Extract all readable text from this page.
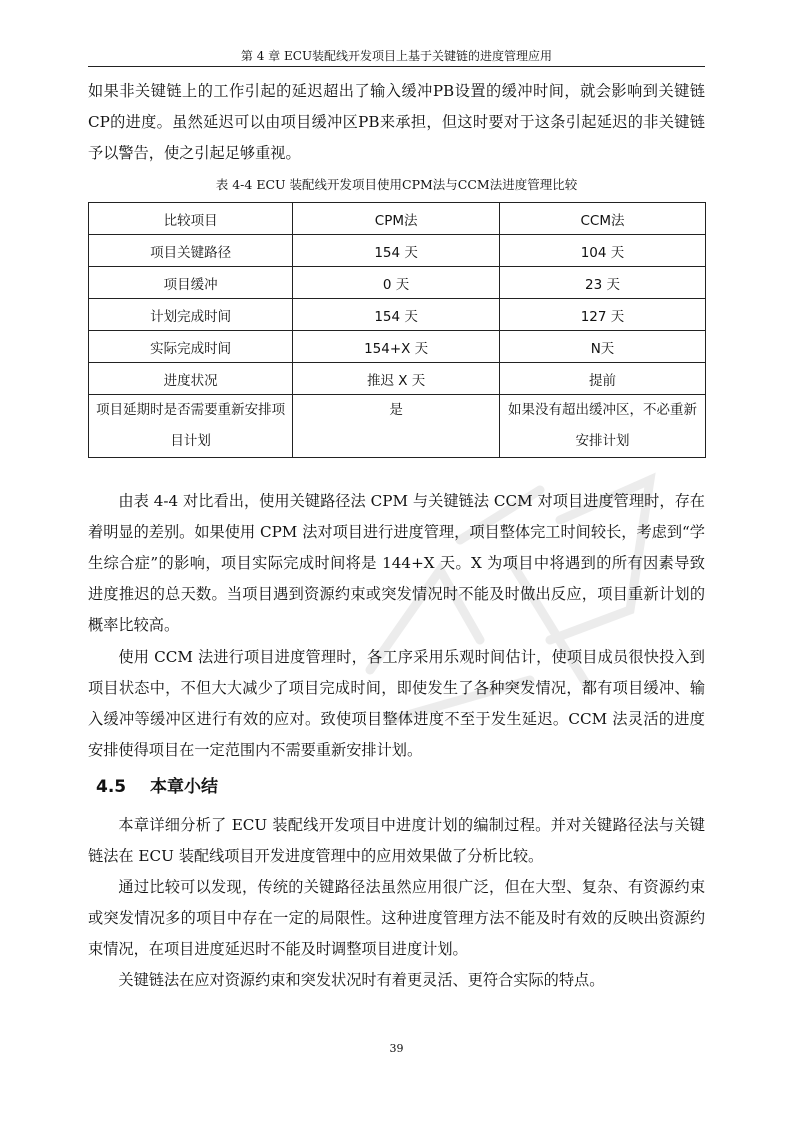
第 4 章 ECU装配线开发项目上基于关键链的进度管理应用

如果非关键链上的工作引起的延迟超出了输入缓冲PB设置的缓冲时间，就会影响到关键链CP的进度。虽然延迟可以由项目缓冲区PB来承担，但这时要对于这条引起延迟的非关键链予以警告，使之引起足够重视。

表 4-4 ECU 装配线开发项目使用CPM法与CCM法进度管理比较
比较项目	CPM法	CCM法
项目关键路径	154 天	104 天
项目缓冲	0 天	23 天
计划完成时间	154 天	127 天
实际完成时间	154+X 天	N天
进度状况	推迟 X 天	提前
项目延期时是否需要重新安排项目计划	是	如果没有超出缓冲区，不必重新安排计划

由表 4-4 对比看出，使用关键路径法 CPM 与关键链法 CCM 对项目进度管理时，存在着明显的差别。如果使用 CPM 法对项目进行进度管理，项目整体完工时间较长，考虑到“学生综合症”的影响，项目实际完成时间将是 144+X 天。X 为项目中将遇到的所有因素导致进度推迟的总天数。当项目遇到资源约束或突发情况时不能及时做出反应，项目重新计划的概率比较高。

使用 CCM 法进行项目进度管理时，各工序采用乐观时间估计，使项目成员很快投入到项目状态中，不但大大减少了项目完成时间，即使发生了各种突发情况，都有项目缓冲、输入缓冲等缓冲区进行有效的应对。致使项目整体进度不至于发生延迟。CCM 法灵活的进度安排使得项目在一定范围内不需要重新安排计划。

4.5 本章小结

本章详细分析了 ECU 装配线开发项目中进度计划的编制过程。并对关键路径法与关键链法在 ECU 装配线项目开发进度管理中的应用效果做了分析比较。

通过比较可以发现，传统的关键路径法虽然应用很广泛，但在大型、复杂、有资源约束或突发情况多的项目中存在一定的局限性。这种进度管理方法不能及时有效的反映出资源约束情况，在项目进度延迟时不能及时调整项目进度计划。

关键链法在应对资源约束和突发状况时有着更灵活、更符合实际的特点。

39
